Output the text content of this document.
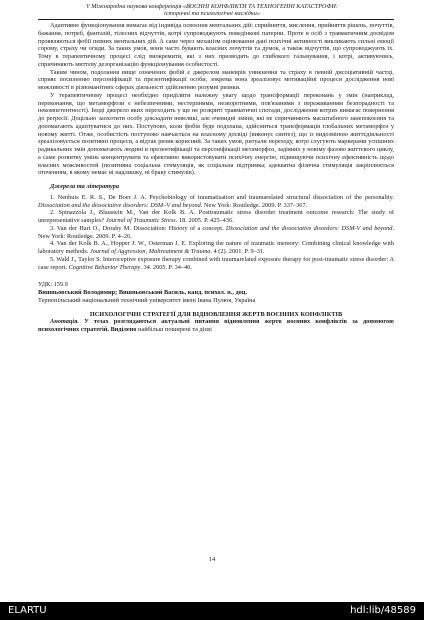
V Міжнародна наукова конференція «ВОЄННІ КОНФЛІКТИ ТА ТЕХНОГЕННІ КАТАСТРОФИ:
історичні та психологічні наслідки»

Адаптивне функціонування вимагає від індивіда освоєння ментальних дій: сприйняття, мислення, прийняття рішень, почуттів, бажання, потреб, фантазій, тілесних відчуттів, котрі супроводжують поведінкові патерни. Проте в осіб з травматичним досвідом проявляються фобії певних ментальних дій. А саме через механізм оцінювання дані психічні активності викликають сильні емоції сорому, страху чи огиди. За таких умов, вони часто бувають власних почуттів та думок, а також відчуттів, що супроводжують їх. Тому в терапевтичному процесі слід виокремити, які з них призводять до глибокого гальмування, і котрі, активуючись, спричиняють миттєву дезорганізацію функціонування особистості.

Таким чином, подолання вище означених фобій є джерелом маневрів уникнення та страху в певній дисоціативній частці, сприяє посиленню персоніфікації та презентифікації особи, зокрема вона зреалізовує мотиваційні процеси дослідження нові можливості в різноманітних сферах діяльності здійсненню розумні ризики.

У терапевтичному процесі необхідно приділити належну увагу щодо трансформації переконань у змін (наприклад, переконання, що метаморфози є небезпечними, нестерпними, незворотними, пов'язаними з переживанням безпорадності та некомпетентності). Іноді джерело яких перехoдить у ще не розкриті травматичні спогади, дослідження котрих вимагає повернення до регресії. Доцільно заохотити особу докладати невеликі, але очевидні зміни, які не спричиняють масштабного занепокоєння та допомагають адаптуватися до них. Поступово, коли фобія буде подолана, здійсниться трансформація глобальних метаморфоз у новому житті. Отже, особистість поступово навчається на власному досвіді (виконує синтез), що із видозміною життєдіяльності зреалізовується позитивні процеси, а відтак ризик корисний. За таких умов, ритуали переходу, котрі слугують маркерами успішних радикальних змін допомагають людині в презентифікації та персоніфікації метаморфоз, задіяних у новіму фазово життєвого циклу, а саме розвитку умінь концентрувати та ефективно використовувати психічну енергію, підвищуючи психічну ефективність щодо власних можливостей (позитивна соціальна стимуляція, як соціальна підтримка; адекватна фізична стимуляція закріплюється оточенням, в якому немає ні надлишку, ні браку стимулів).

Джерела та література

1. Nenhuis E. R. S., De Boer J. A. Psychobiology of traumatisation and traumarelated structural dissociation of the personality. Dissociation and the dissociative disorders: DSM–V and beyond. New York: Routledge. 2009. P. 337–367.

2. Spinazzola J., Blaustein M., Van der Kolk B. A. Posttraumatic stress disorder treatment outcome research: The study of unrepresentative samples? Journal of Traumatic Stress. 18. 2005. P. 425–436.

3. Van der Hart O., Dorahy M. Dissociation: History of a concept. Dissociation and the dissociative disorders: DSM-V and beyond. New York: Routledge. 2009. P. 4–26.

4. Van der Kolk B. A., Hopper J. W., Osterman J. E. Exploring the nature of traumatic memory: Combining clinical knowledge with laboratory methods. Journal of Aggression, Maltreatment & Trauma. 4 (2). 2001. P. 9–31.

5. Wald J., Taylor S. Interoceptive exposure therapy combined with traumarelated exposure therapy for post-traumatic stress disorder: A case report. Cognitive Behavior Therapy. 34. 2005. P. 34–40.

УДК: 159.9
Вишньовський Володимир; Вишньовський Василь, канд. психол. н., доц.
Тернопільський національний технічний університет імені Івана Пулюя, Україна
ПСИХОЛОГІЧНІ СТРАТЕГІЇ ДЛЯ ВІДНОВЛЕННЯ ЖЕРТВ ВОЄННИХ КОНФЛІКТІВ

Анотація. У тезах розглядаються актуальні питання відновлення жертв воєнних конфліктів за допомогою психологічних стратегій. Виділено найбільш поширені та дієві

14
ELARTU	hdl:lib/48589
